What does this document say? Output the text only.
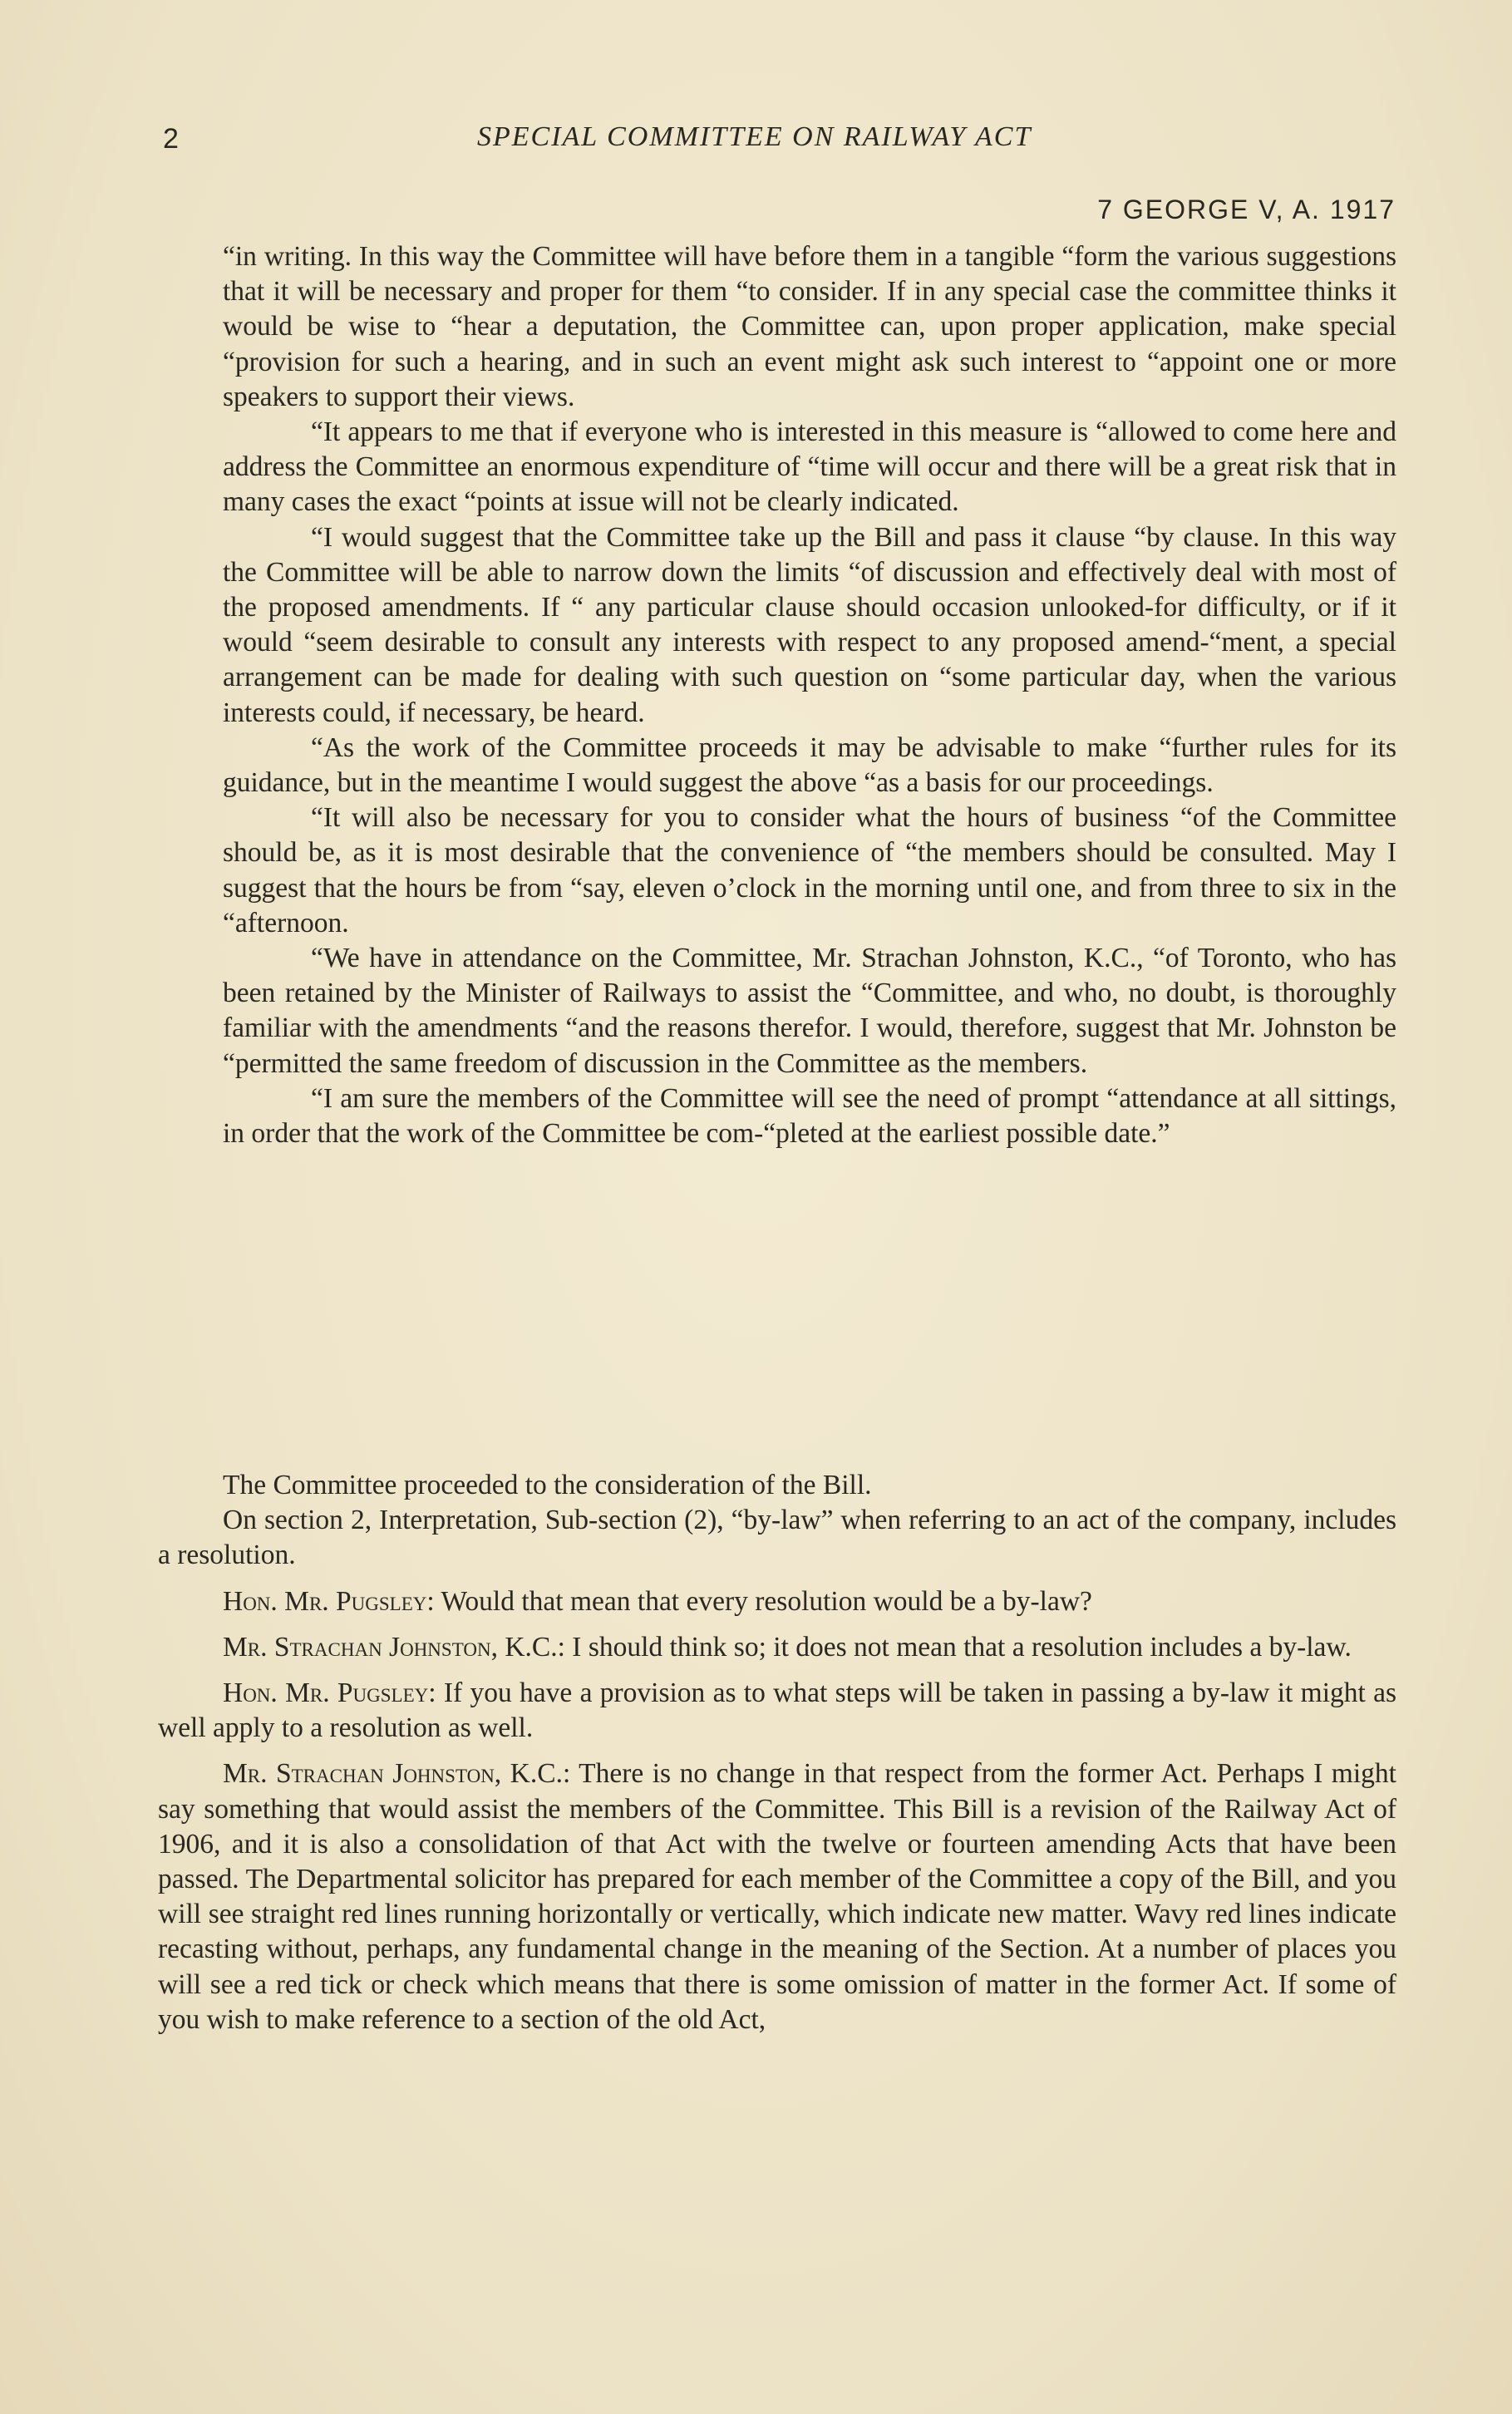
2	SPECIAL COMMITTEE ON RAILWAY ACT
7 GEORGE V, A. 1917

“in writing. In this way the Committee will have before them in a tangible “form the various suggestions that it will be necessary and proper for them “to consider. If in any special case the committee thinks it would be wise to “hear a deputation, the Committee can, upon proper application, make special “provision for such a hearing, and in such an event might ask such interest to “appoint one or more speakers to support their views.

“It appears to me that if everyone who is interested in this measure is “allowed to come here and address the Committee an enormous expenditure of “time will occur and there will be a great risk that in many cases the exact “points at issue will not be clearly indicated.

“I would suggest that the Committee take up the Bill and pass it clause “by clause. In this way the Committee will be able to narrow down the limits “of discussion and effectively deal with most of the proposed amendments. If “ any particular clause should occasion unlooked-for difficulty, or if it would “seem desirable to consult any interests with respect to any proposed amend-“ment, a special arrangement can be made for dealing with such question on “some particular day, when the various interests could, if necessary, be heard.

“As the work of the Committee proceeds it may be advisable to make “further rules for its guidance, but in the meantime I would suggest the above “as a basis for our proceedings.

“It will also be necessary for you to consider what the hours of business “of the Committee should be, as it is most desirable that the convenience of “the members should be consulted. May I suggest that the hours be from “say, eleven o’clock in the morning until one, and from three to six in the “afternoon.

“We have in attendance on the Committee, Mr. Strachan Johnston, K.C., “of Toronto, who has been retained by the Minister of Railways to assist the “Committee, and who, no doubt, is thoroughly familiar with the amendments “and the reasons therefor. I would, therefore, suggest that Mr. Johnston be “permitted the same freedom of discussion in the Committee as the members.

“I am sure the members of the Committee will see the need of prompt “attendance at all sittings, in order that the work of the Committee be com-“pleted at the earliest possible date.”

The Committee proceeded to the consideration of the Bill.

On section 2, Interpretation, Sub-section (2), “by-law” when referring to an act of the company, includes a resolution.

Hon. Mr. Pugsley: Would that mean that every resolution would be a by-law?

Mr. Strachan Johnston, K.C.: I should think so; it does not mean that a resolution includes a by-law.

Hon. Mr. Pugsley: If you have a provision as to what steps will be taken in passing a by-law it might as well apply to a resolution as well.

Mr. Strachan Johnston, K.C.: There is no change in that respect from the former Act. Perhaps I might say something that would assist the members of the Committee. This Bill is a revision of the Railway Act of 1906, and it is also a consolidation of that Act with the twelve or fourteen amending Acts that have been passed. The Departmental solicitor has prepared for each member of the Committee a copy of the Bill, and you will see straight red lines running horizontally or vertically, which indicate new matter. Wavy red lines indicate recasting without, perhaps, any fundamental change in the meaning of the Section. At a number of places you will see a red tick or check which means that there is some omission of matter in the former Act. If some of you wish to make reference to a section of the old Act,
